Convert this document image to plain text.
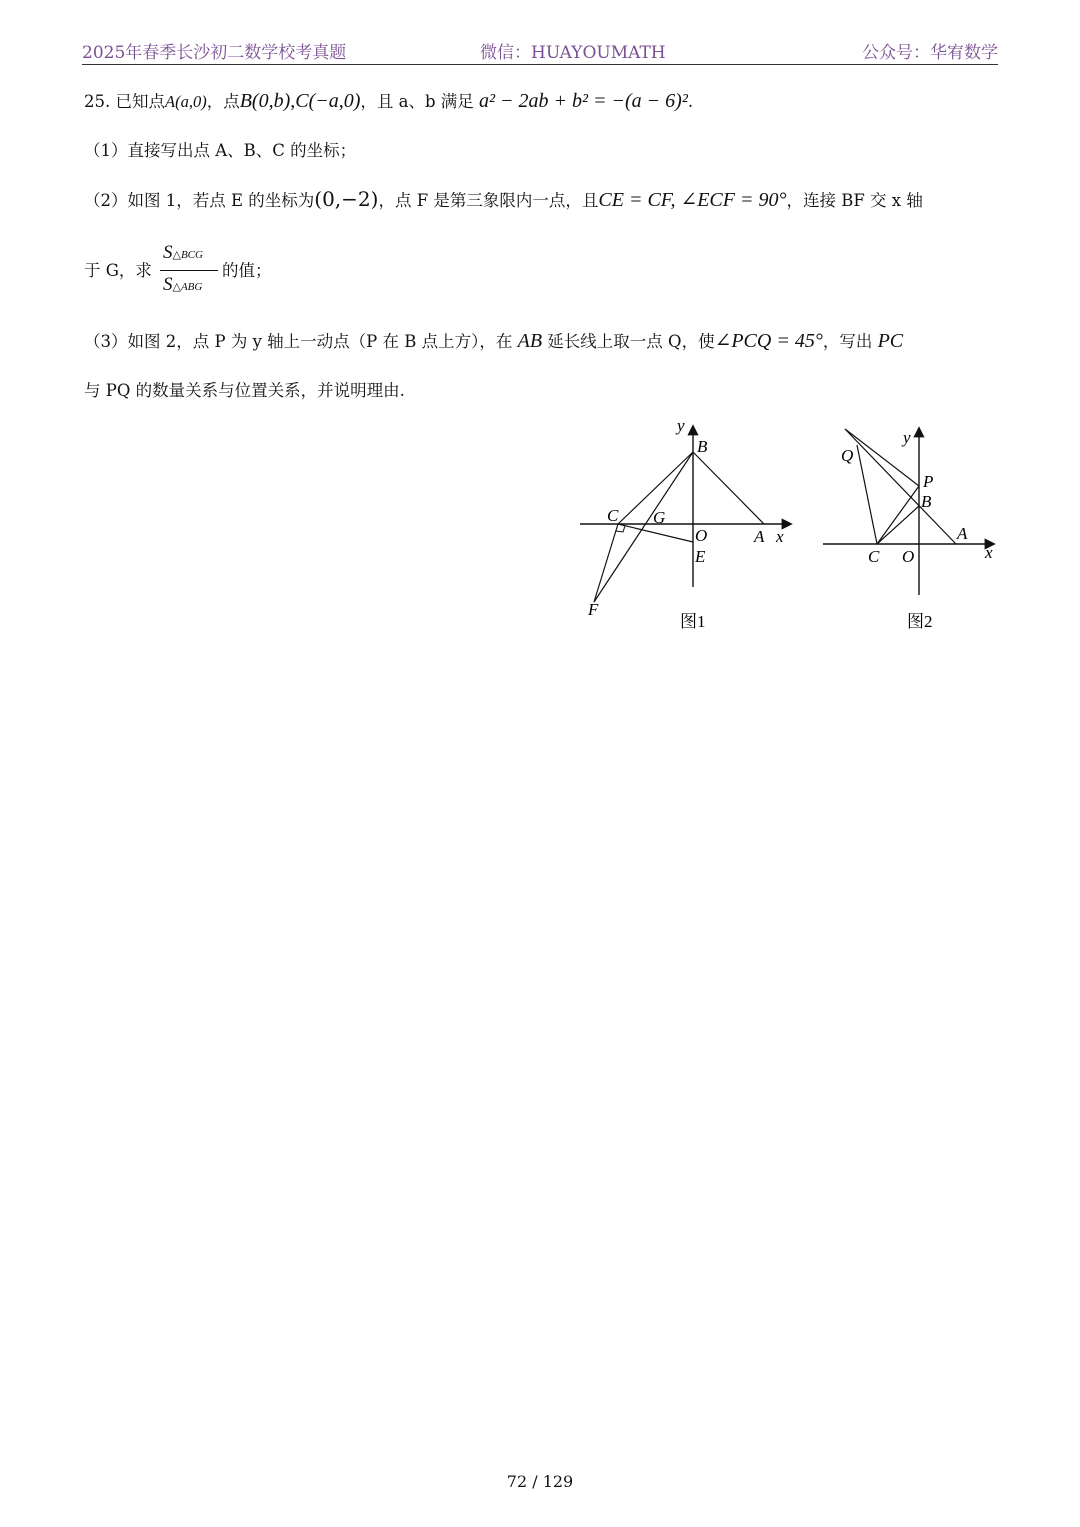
2025年春季长沙初二数学校考真题	微信：HUAYOUMATH	公众号：华宥数学
25. 已知点A(a,0)，点B(0,b),C(−a,0)，且 a、b 满足 a² − 2ab + b² = −(a − 6)².
（1）直接写出点 A、B、C 的坐标；
（2）如图 1，若点 E 的坐标为(0,−2)，点 F 是第三象限内一点，且CE = CF, ∠ECF = 90°，连接 BF 交 x 轴
于 G，求
S△BCG
S△ABG
的值；
（3）如图 2，点 P 为 y 轴上一动点（P 在 B 点上方），在 AB 延长线上取一点 Q，使∠PCQ = 45°，写出 PC
与 PQ 的数量关系与位置关系，并说明理由.
y
B
C G
O	A x
E
F
图1
y
Q
P
B
A
C O	x
图2
72 / 129
